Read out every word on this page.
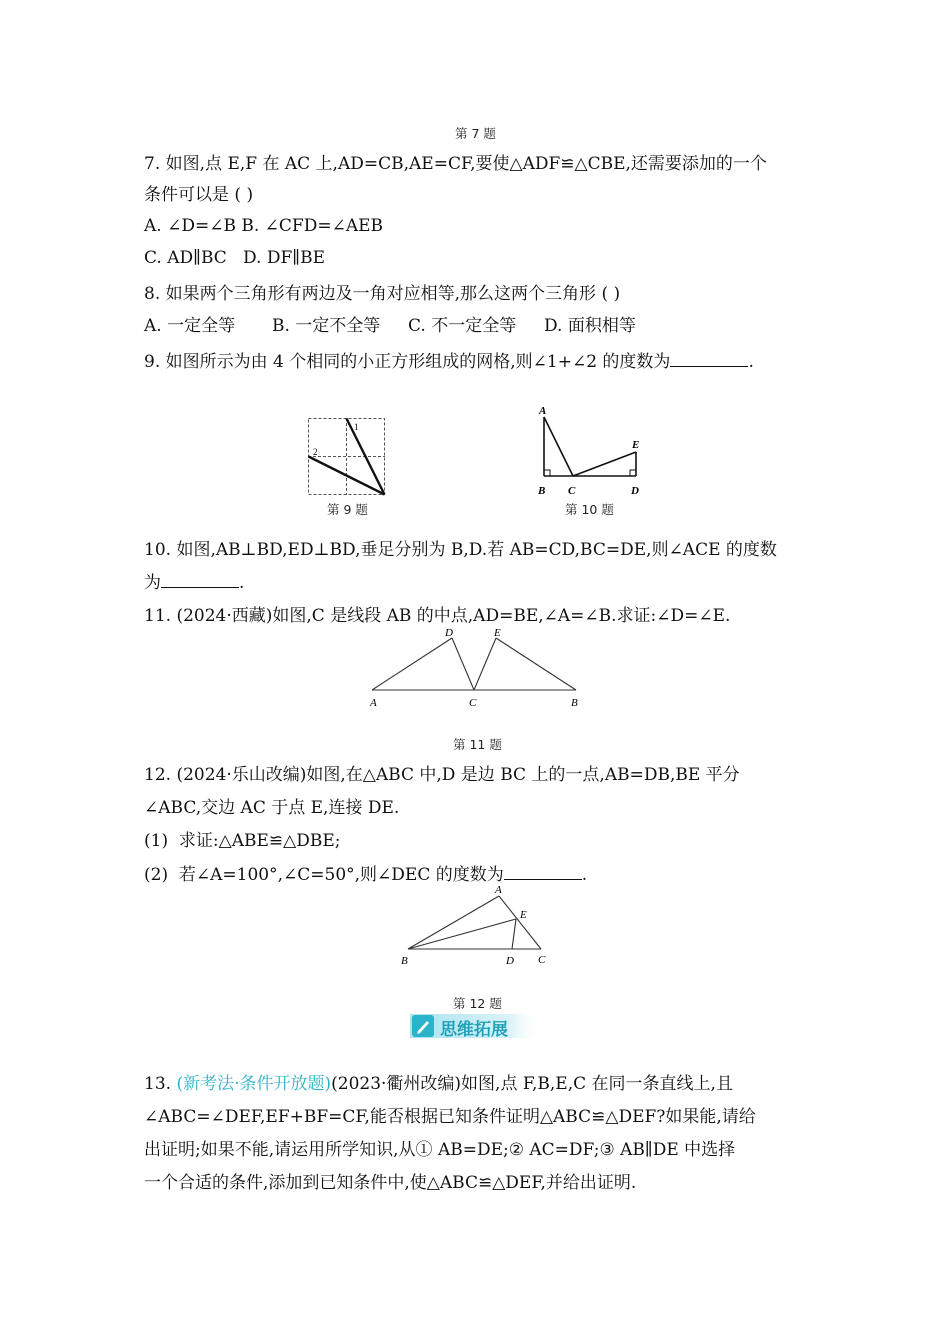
第 7 题
7. 如图,点 E,F 在 AC 上,AD=CB,AE=CF,要使△ADF≌△CBE,还需要添加的一个
条件可以是 ( )
A. ∠D=∠B B. ∠CFD=∠AEB
C. AD∥BC D. DF∥BE
8. 如果两个三角形有两边及一角对应相等,那么这两个三角形 ( )
A. 一定全等 B. 一定不全等 C. 不一定全等 D. 面积相等
9. 如图所示为由 4 个相同的小正方形组成的网格,则∠1+∠2 的度数为	.
1
2
第 9 题
A
B C	D
E
第 10 题
10. 如图,AB⊥BD,ED⊥BD,垂足分别为 B,D.若 AB=CD,BC=DE,则∠ACE 的度数
为	.
11. (2024·西藏)如图,C 是线段 AB 的中点,AD=BE,∠A=∠B.求证:∠D=∠E.
A	B
C
D	E
第 11 题
12. (2024·乐山改编)如图,在△ABC 中,D 是边 BC 上的一点,AB=DB,BE 平分
∠ABC,交边 AC 于点 E,连接 DE.
(1) 求证:△ABE≌△DBE;
(2) 若∠A=100°,∠C=50°,则∠DEC 的度数为	.
A
B	D C
E
第 12 题
思维拓展
13. (新考法·条件开放题)(2023·衢州改编)如图,点 F,B,E,C 在同一条直线上,且
∠ABC=∠DEF,EF+BF=CF,能否根据已知条件证明△ABC≌△DEF?如果能,请给
出证明;如果不能,请运用所学知识,从① AB=DE;② AC=DF;③ AB∥DE 中选择
一个合适的条件,添加到已知条件中,使△ABC≌△DEF,并给出证明.
